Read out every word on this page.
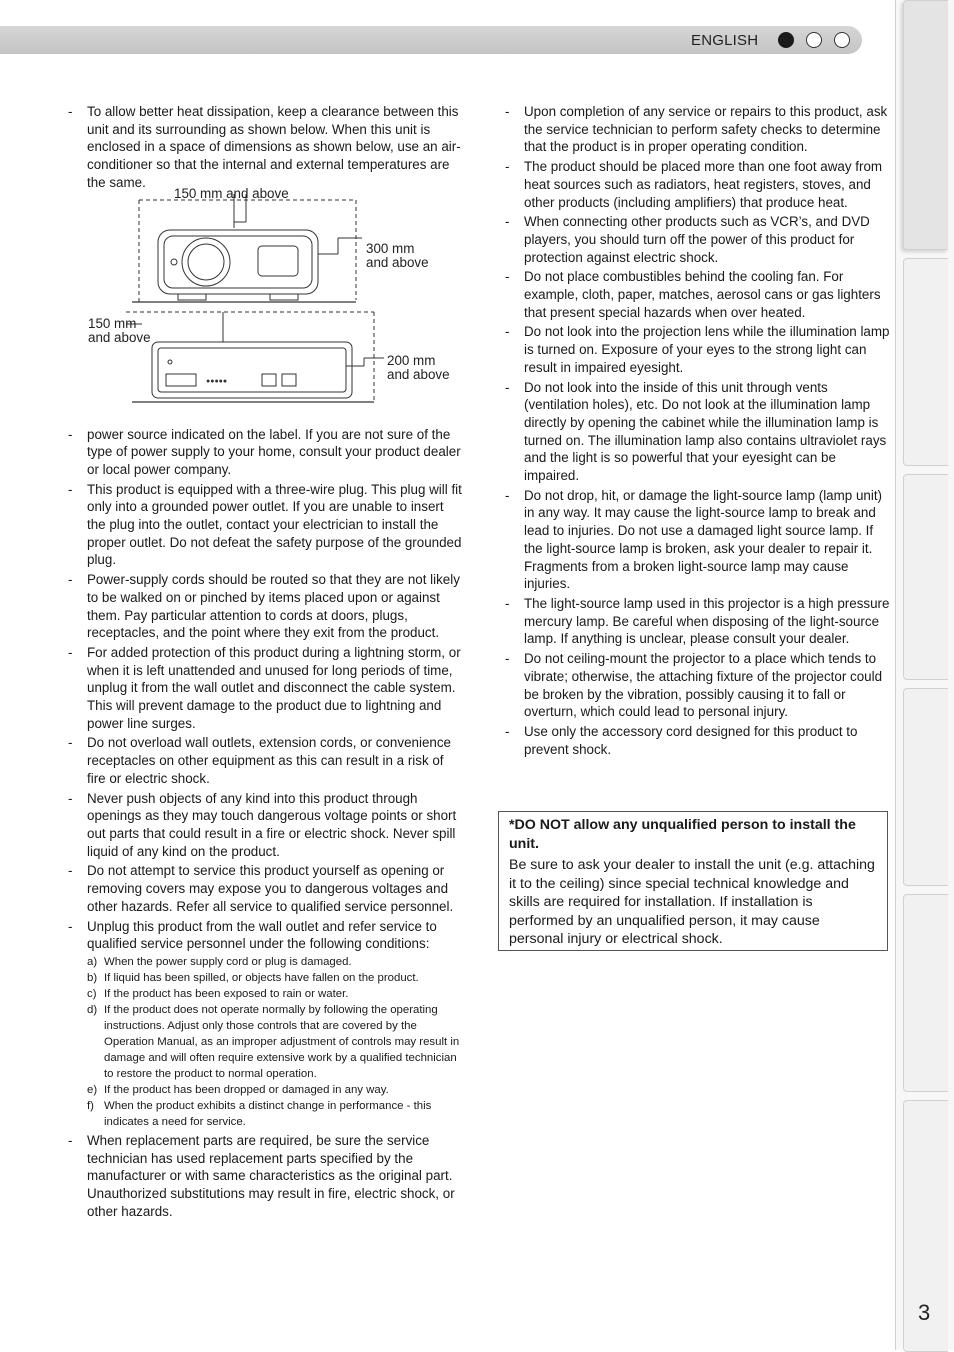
ENGLISH
3
- To allow better heat dissipation, keep a clearance between this unit and its surrounding as shown below. When this unit is enclosed in a space of dimensions as shown below, use an air-conditioner so that the internal and external temperatures are the same.
●●●●●
150 mm and above
300 mm
and above
150 mm
and above
200 mm
and above
- power source indicated on the label. If you are not sure of the type of power supply to your home, consult your product dealer or local power company.
- This product is equipped with a three-wire plug. This plug will fit only into a grounded power outlet. If you are unable to insert the plug into the outlet, contact your electrician to install the proper outlet. Do not defeat the safety purpose of the grounded plug.
- Power-supply cords should be routed so that they are not likely to be walked on or pinched by items placed upon or against them. Pay particular attention to cords at doors, plugs, receptacles, and the point where they exit from the product.
- For added protection of this product during a lightning storm, or when it is left unattended and unused for long periods of time, unplug it from the wall outlet and disconnect the cable system. This will prevent damage to the product due to lightning and power line surges.
- Do not overload wall outlets, extension cords, or convenience receptacles on other equipment as this can result in a risk of fire or electric shock.
- Never push objects of any kind into this product through openings as they may touch dangerous voltage points or short out parts that could result in a fire or electric shock. Never spill liquid of any kind on the product.
- Do not attempt to service this product yourself as opening or removing covers may expose you to dangerous voltages and other hazards. Refer all service to qualified service personnel.
- Unplug this product from the wall outlet and refer service to qualified service personnel under the following conditions:
a) When the power supply cord or plug is damaged.
b) If liquid has been spilled, or objects have fallen on the product.
c) If the product has been exposed to rain or water.
d) If the product does not operate normally by following the operating instructions. Adjust only those controls that are covered by the Operation Manual, as an improper adjustment of controls may result in damage and will often require extensive work by a qualified technician to restore the product to normal operation.
e) If the product has been dropped or damaged in any way.
f) When the product exhibits a distinct change in performance - this indicates a need for service.
- When replacement parts are required, be sure the service technician has used replacement parts specified by the manufacturer or with same characteristics as the original part. Unauthorized substitutions may result in fire, electric shock, or other hazards.
- Upon completion of any service or repairs to this product, ask the service technician to perform safety checks to determine that the product is in proper operating condition.
- The product should be placed more than one foot away from heat sources such as radiators, heat registers, stoves, and other products (including amplifiers) that produce heat.
- When connecting other products such as VCR’s, and DVD players, you should turn off the power of this product for protection against electric shock.
- Do not place combustibles behind the cooling fan. For example, cloth, paper, matches, aerosol cans or gas lighters that present special hazards when over heated.
- Do not look into the projection lens while the illumination lamp is turned on. Exposure of your eyes to the strong light can result in impaired eyesight.
- Do not look into the inside of this unit through vents (ventilation holes), etc. Do not look at the illumination lamp directly by opening the cabinet while the illumination lamp is turned on. The illumination lamp also contains ultraviolet rays and the light is so powerful that your eyesight can be impaired.
- Do not drop, hit, or damage the light-source lamp (lamp unit) in any way. It may cause the light-source lamp to break and lead to injuries. Do not use a damaged light source lamp. If the light-source lamp is broken, ask your dealer to repair it. Fragments from a broken light-source lamp may cause injuries.
- The light-source lamp used in this projector is a high pressure mercury lamp. Be careful when disposing of the light-source lamp. If anything is unclear, please consult your dealer.
- Do not ceiling-mount the projector to a place which tends to vibrate; otherwise, the attaching fixture of the projector could be broken by the vibration, possibly causing it to fall or overturn, which could lead to personal injury.
- Use only the accessory cord designed for this product to prevent shock.
*DO NOT allow any unqualified person to install the unit.
Be sure to ask your dealer to install the unit (e.g. attaching it to the ceiling) since special technical knowledge and skills are required for installation. If installation is performed by an unqualified person, it may cause personal injury or electrical shock.
